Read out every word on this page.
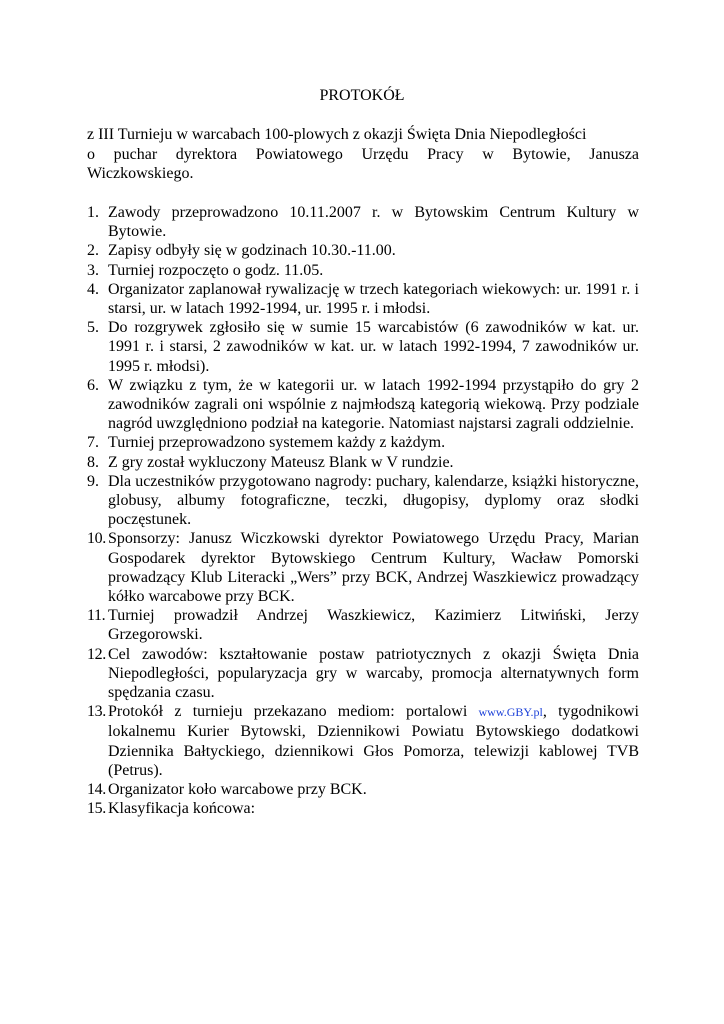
PROTOKÓŁ
z III Turnieju w warcabach 100-plowych z okazji Święta Dnia Niepodległości
o puchar dyrektora Powiatowego Urzędu Pracy w Bytowie, Janusza
Wiczkowskiego.
1. Zawody przeprowadzono 10.11.2007 r. w Bytowskim Centrum Kultury w Bytowie.
2. Zapisy odbyły się w godzinach 10.30.-11.00.
3. Turniej rozpoczęto o godz. 11.05.
4. Organizator zaplanował rywalizację w trzech kategoriach wiekowych: ur. 1991 r. i starsi, ur. w latach 1992-1994, ur. 1995 r. i młodsi.
5. Do rozgrywek zgłosiło się w sumie 15 warcabistów (6 zawodników w kat. ur. 1991 r. i starsi, 2 zawodników w kat. ur. w latach 1992-1994, 7 zawodników ur. 1995 r. młodsi).
6. W związku z tym, że w kategorii ur. w latach 1992-1994 przystąpiło do gry 2 zawodników zagrali oni wspólnie z najmłodszą kategorią wiekową. Przy podziale nagród uwzględniono podział na kategorie. Natomiast najstarsi zagrali oddzielnie.
7. Turniej przeprowadzono systemem każdy z każdym.
8. Z gry został wykluczony Mateusz Blank w V rundzie.
9. Dla uczestników przygotowano nagrody: puchary, kalendarze, książki historyczne, globusy, albumy fotograficzne, teczki, długopisy, dyplomy oraz słodki poczęstunek.
10. Sponsorzy: Janusz Wiczkowski dyrektor Powiatowego Urzędu Pracy, Marian Gospodarek dyrektor Bytowskiego Centrum Kultury, Wacław Pomorski prowadzący Klub Literacki „Wers” przy BCK, Andrzej Waszkiewicz prowadzący kółko warcabowe przy BCK.
11. Turniej prowadził Andrzej Waszkiewicz, Kazimierz Litwiński, Jerzy Grzegorowski.
12. Cel zawodów: kształtowanie postaw patriotycznych z okazji Święta Dnia Niepodległości, popularyzacja gry w warcaby, promocja alternatywnych form spędzania czasu.
13. Protokół z turnieju przekazano mediom: portalowi www.GBY.pl, tygodnikowi lokalnemu Kurier Bytowski, Dziennikowi Powiatu Bytowskiego dodatkowi Dziennika Bałtyckiego, dziennikowi Głos Pomorza, telewizji kablowej TVB (Petrus).
14. Organizator koło warcabowe przy BCK.
15. Klasyfikacja końcowa:
